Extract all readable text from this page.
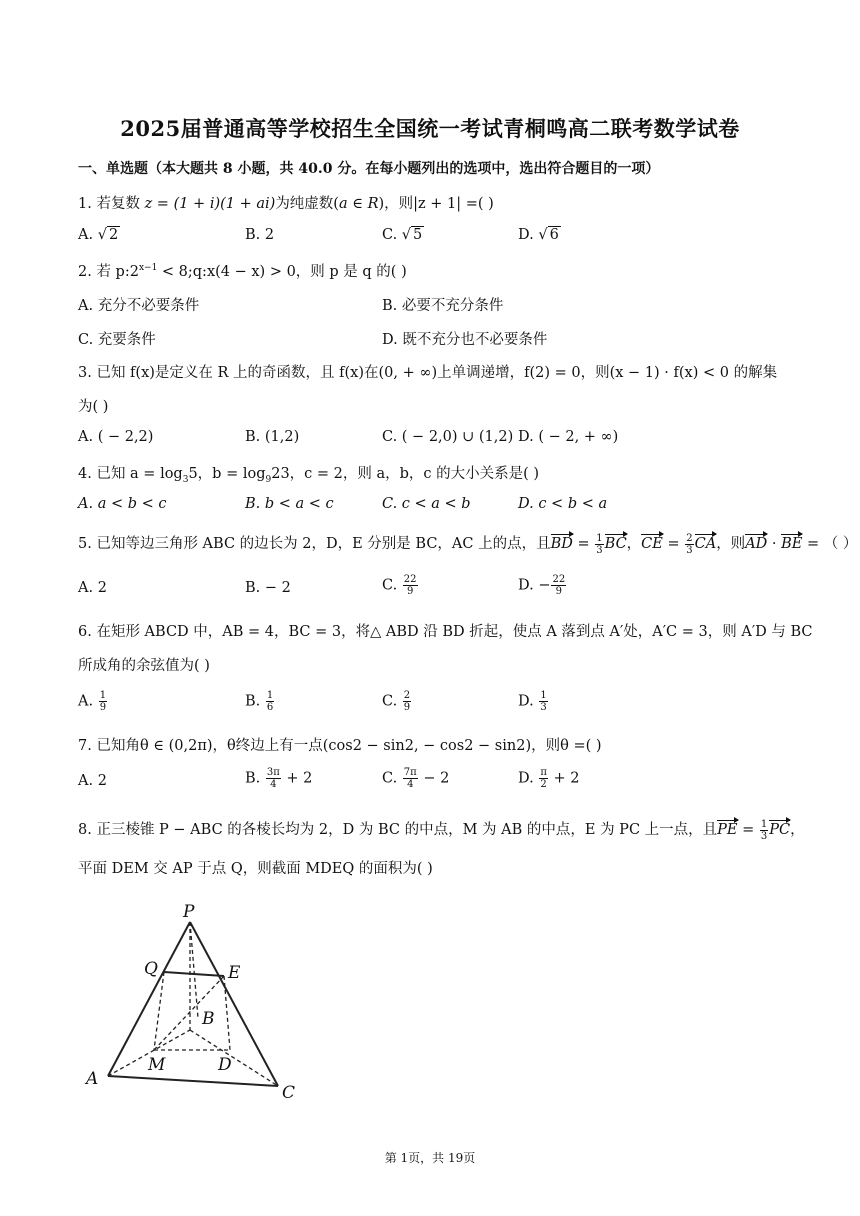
2025届普通高等学校招生全国统一考试青桐鸣高二联考数学试卷
一、单选题（本大题共 8 小题，共 40.0 分。在每小题列出的选项中，选出符合题目的一项）
1. 若复数 z = (1 + i)(1 + ai)为纯虚数(a ∈ R)，则|z + 1| =( )
A. √ 2	B. 2	C. √ 5	D. √ 6
2. 若 $p:2^{x-1}$ < 8;q:x(4 − x) > 0，则 p 是 q 的( )
A. 充分不必要条件	B. 必要不充分条件
C. 充要条件	D. 既不充分也不必要条件
3. 已知 f(x)是定义在 R 上的奇函数，且 f(x)在(0, + ∞)上单调递增，f(2) = 0，则(x − 1) · f(x) < 0 的解集
为( )
A. ( − 2,2)	B. (1,2)	C. ( − 2,0) ∪ (1,2) D. ( − 2, + ∞)
4. 已知 $a = \log_35$，$b = \log_923$，c = 2，则 a，b，c 的大小关系是( )
A. a < b < c	B. b < a < c	C. c < a < b	D. c < b < a
5. 已知等边三角形 ABC 的边长为 2，D，E 分别是 BC，AC 上的点，且BD = $\frac{1}{3}$ BC，CE = $\frac{2}{3}$ CA，则AD · BE = （ ）
A. 2	B. − 2	C. $\frac{22}{9}$	D. − $\frac{22}{9}$
6. 在矩形 ABCD 中，AB = 4，BC = 3，将△ ABD 沿 BD 折起，使点 A 落到点 A′处，A′C = 3，则 A′D 与 BC
所成角的余弦值为( )
A. $\frac{1}{9}$	B. $\frac{1}{6}$	C. $\frac{2}{9}$	D. $\frac{1}{3}$
7. 已知角θ ∈ (0,2π)，θ终边上有一点(cos2 − sin2, − cos2 − sin2)，则θ =( )
A. 2	B. $\frac{3\pi}{4} + 2$	C. $\frac{7\pi}{4} - 2$	D. $\frac{\pi}{2} + 2$
8. 正三棱锥 P − ABC 的各棱长均为 2，D 为 BC 的中点，M 为 AB 的中点，E 为 PC 上一点，且PE = $\frac{1}{3}$ PC，
平面 DEM 交 AP 于点 Q，则截面 MDEQ 的面积为( )
P
Q	E
B
M	D
A
C
第 1页，共 19页
